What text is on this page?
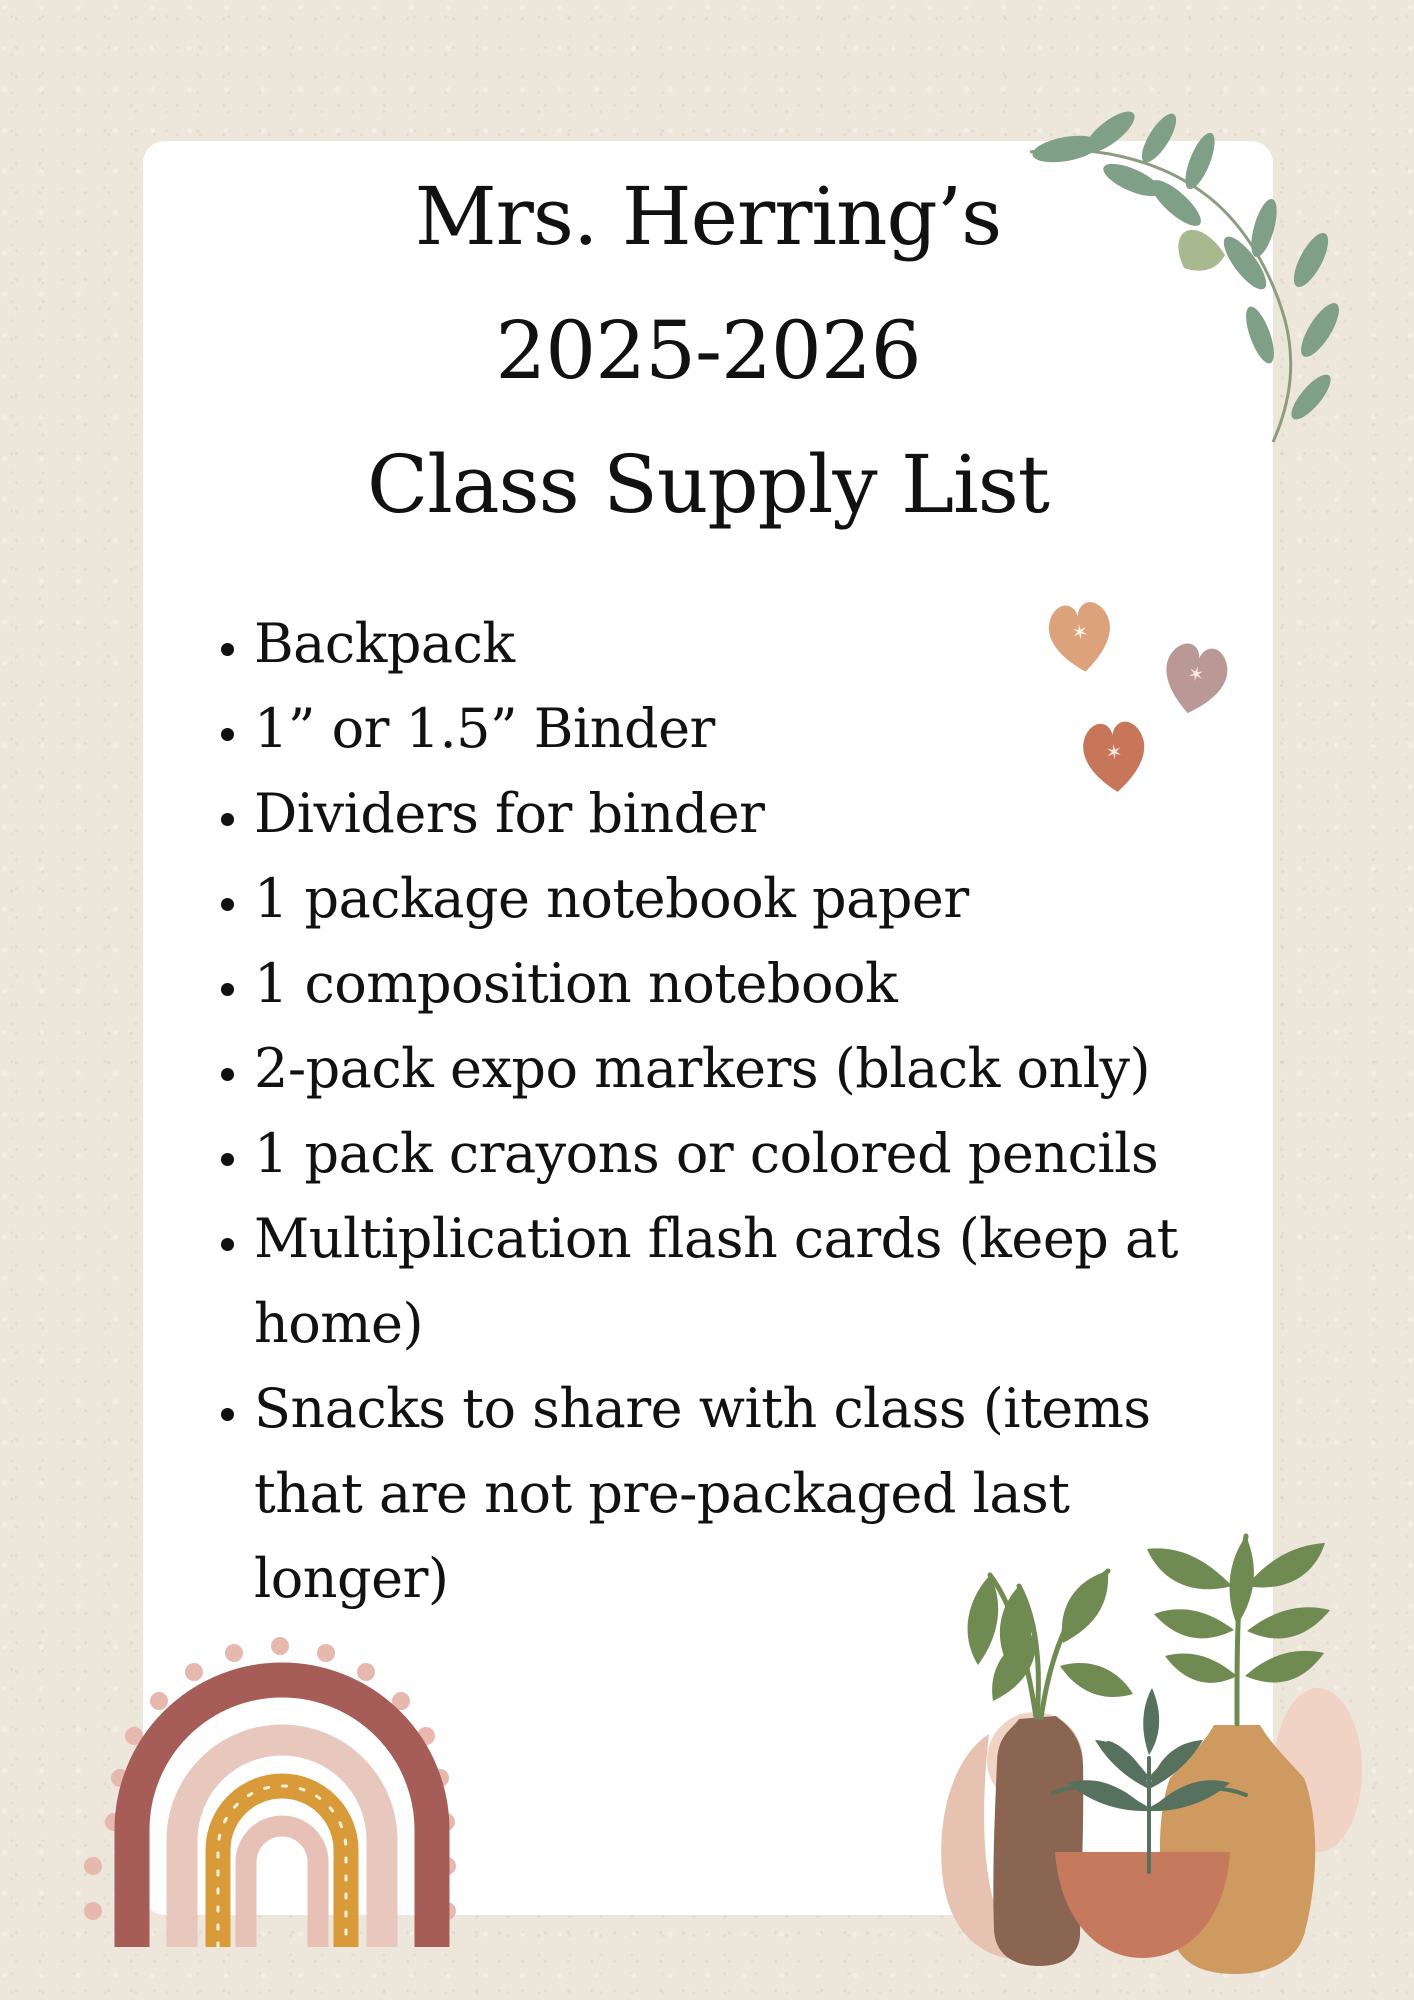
Mrs. Herring’s
2025-2026
Class Supply List
• Backpack
• 1” or 1.5” Binder
• Dividers for binder
• 1 package notebook paper
• 1 composition notebook
• 2-pack expo markers (black only)
• 1 pack crayons or colored pencils
• Multiplication flash cards (keep at home)
• Snacks to share with class (items that are not pre-packaged last longer)
✶
✶
✶
